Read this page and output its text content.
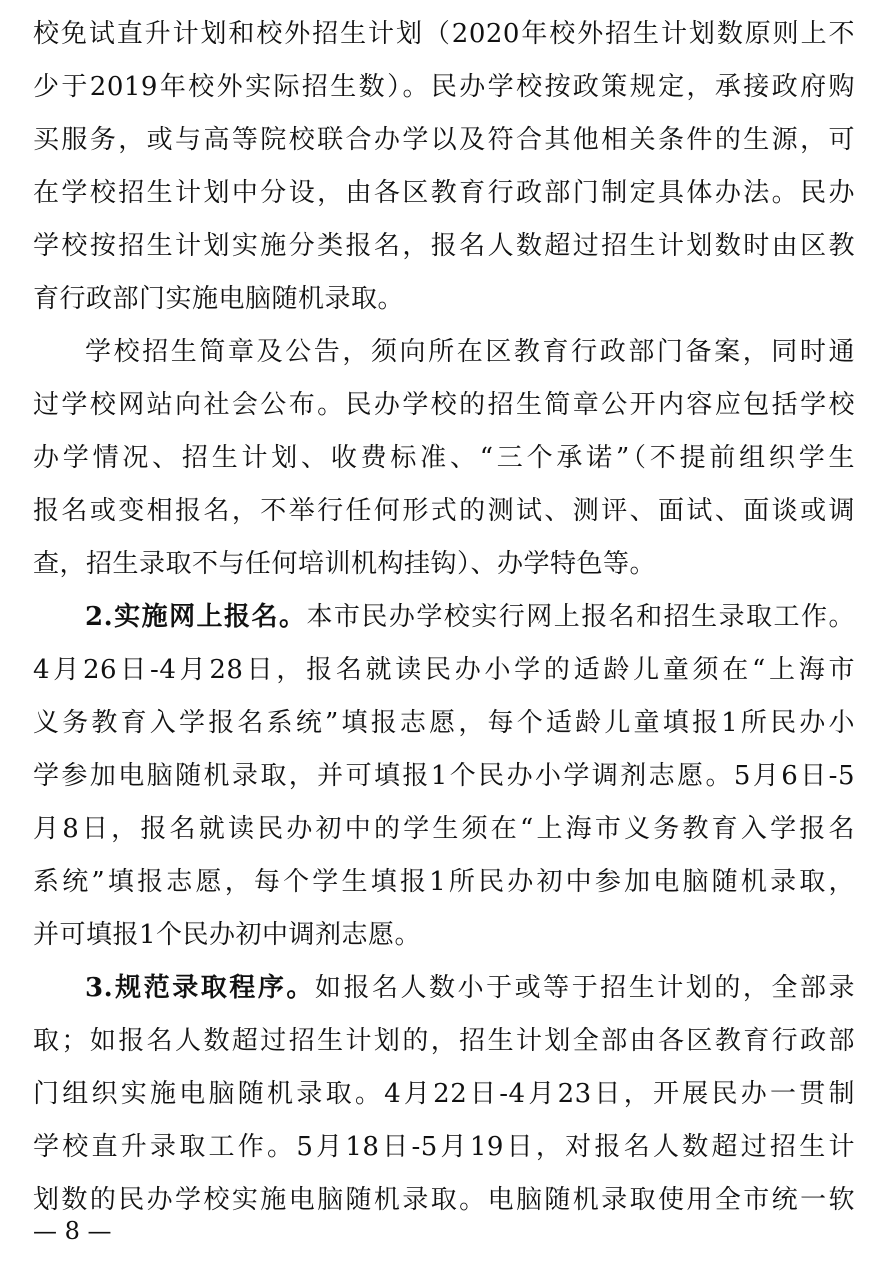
校免试直升计划和校外招生计划（2020年校外招生计划数原则上不
少于2019年校外实际招生数）。民办学校按政策规定，承接政府购
买服务，或与高等院校联合办学以及符合其他相关条件的生源，可
在学校招生计划中分设，由各区教育行政部门制定具体办法。民办
学校按招生计划实施分类报名，报名人数超过招生计划数时由区教
育行政部门实施电脑随机录取。
学校招生简章及公告，须向所在区教育行政部门备案，同时通
过学校网站向社会公布。民办学校的招生简章公开内容应包括学校
办学情况、招生计划、收费标准、“三个承诺”（不提前组织学生
报名或变相报名，不举行任何形式的测试、测评、面试、面谈或调
查，招生录取不与任何培训机构挂钩）、办学特色等。
2.实施网上报名。本市民办学校实行网上报名和招生录取工作。
4月26日-4月28日，报名就读民办小学的适龄儿童须在“上海市
义务教育入学报名系统”填报志愿，每个适龄儿童填报1所民办小
学参加电脑随机录取，并可填报1个民办小学调剂志愿。5月6日-5
月8日，报名就读民办初中的学生须在“上海市义务教育入学报名
系统”填报志愿，每个学生填报1所民办初中参加电脑随机录取，
并可填报1个民办初中调剂志愿。
3.规范录取程序。如报名人数小于或等于招生计划的，全部录
取；如报名人数超过招生计划的，招生计划全部由各区教育行政部
门组织实施电脑随机录取。4月22日-4月23日，开展民办一贯制
学校直升录取工作。5月18日-5月19日，对报名人数超过招生计
划数的民办学校实施电脑随机录取。电脑随机录取使用全市统一软
— 8 —
